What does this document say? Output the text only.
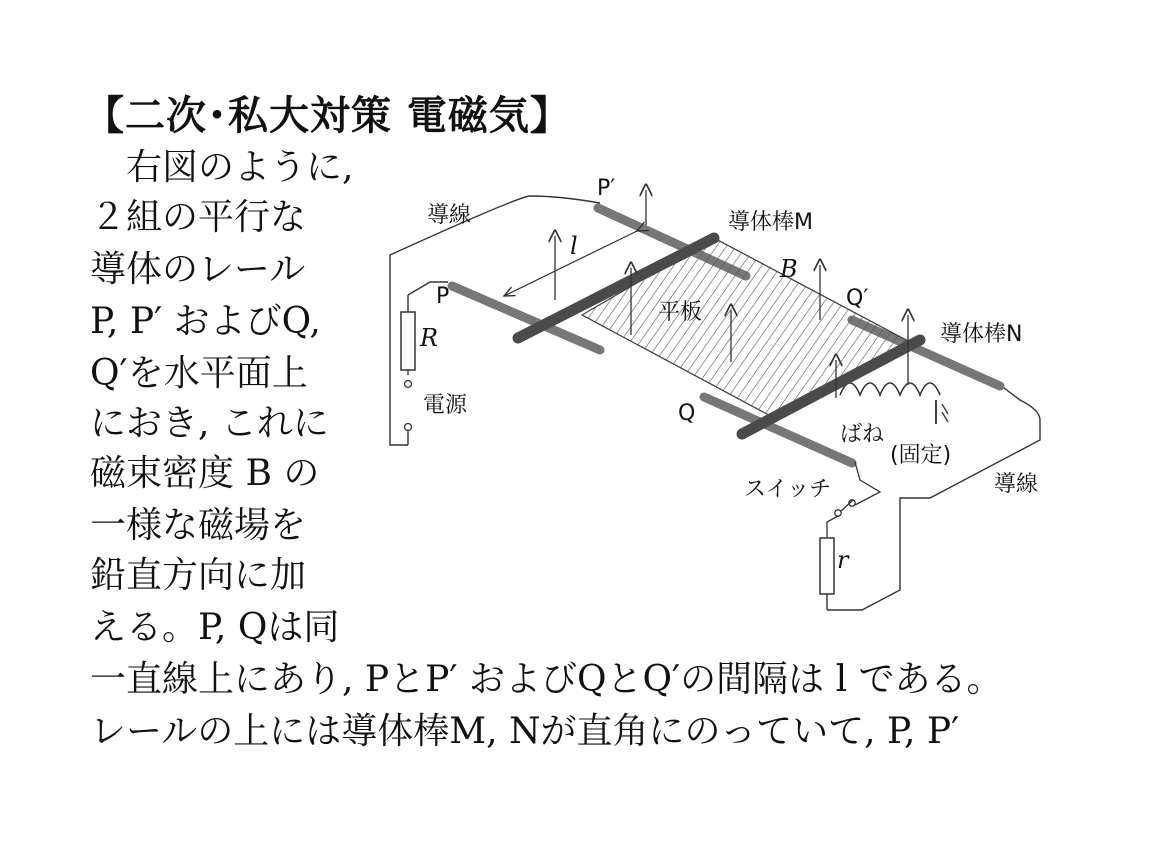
【二次･私大対策 電磁気】
　右図のように,
２組の平行な
導体のレール
P, P′ およびQ,
Q′を水平面上
におき, これに
磁束密度 B の
一様な磁場を
鉛直方向に加
える。P, Qは同
一直線上にあり, PとP′ およびQとQ′の間隔は l である。
レールの上には導体棒M, Nが直角にのっていて, P, P′
導線
導線
P
P′
Q
Q′
導体棒M
導体棒N
B
l
平板
R
r
電源
ばね
(固定)
スイッチ
